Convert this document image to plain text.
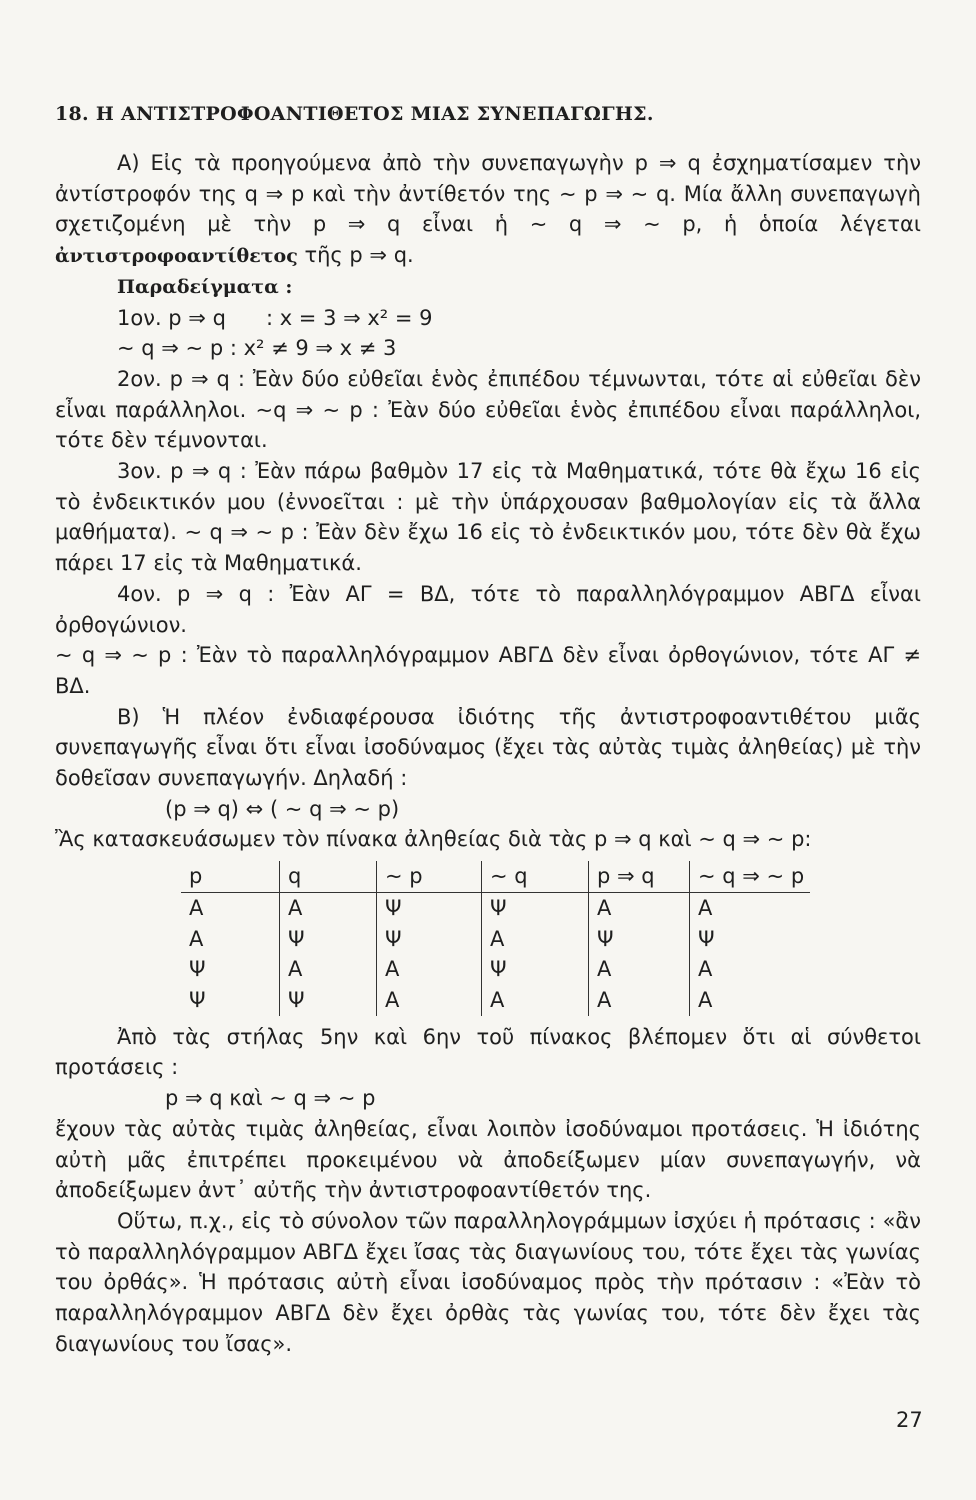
18. Η ΑΝΤΙΣΤΡΟΦΟΑΝΤΙΘΕΤΟΣ ΜΙΑΣ ΣΥΝΕΠΑΓΩΓΗΣ.

Α) Εἰς τὰ προηγούμενα ἀπὸ τὴν συνεπαγωγὴν p ⇒ q ἐσχηματίσαμεν τὴν ἀντίστροφόν της q ⇒ p καὶ τὴν ἀντίθετόν της ∼ p ⇒ ∼ q. Μία ἄλλη συνεπαγωγὴ σχετιζομένη μὲ τὴν p ⇒ q εἶναι ἡ ∼ q ⇒ ∼ p, ἡ ὁποία λέγεται ἀντιστροφοαντίθετος τῆς p ⇒ q.

Παραδείγματα :

1ον. p ⇒ q      : x = 3 ⇒ x² = 9

∼ q ⇒ ∼ p : x² ≠ 9 ⇒ x ≠ 3

2ον. p ⇒ q : Ἐὰν δύο εὐθεῖαι ἑνὸς ἐπιπέδου τέμνωνται, τότε αἱ εὐθεῖαι δὲν εἶναι παράλληλοι. ∼q ⇒ ∼ p : Ἐὰν δύο εὐθεῖαι ἑνὸς ἐπιπέδου εἶναι παράλληλοι, τότε δὲν τέμνονται.

3ον. p ⇒ q : Ἐὰν πάρω βαθμὸν 17 εἰς τὰ Μαθηματικά, τότε θὰ ἔχω 16 εἰς τὸ ἐνδεικτικόν μου (ἐννοεῖται : μὲ τὴν ὑπάρχουσαν βαθμολογίαν εἰς τὰ ἄλλα μαθήματα). ∼ q ⇒ ∼ p : Ἐὰν δὲν ἔχω 16 εἰς τὸ ἐνδεικτικόν μου, τότε δὲν θὰ ἔχω πάρει 17 εἰς τὰ Μαθηματικά.

4ον. p ⇒ q : Ἐὰν ΑΓ = ΒΔ, τότε τὸ παραλληλόγραμμον ΑΒΓΔ εἶναι ὀρθογώνιον.

∼ q ⇒ ∼ p : Ἐὰν τὸ παραλληλόγραμμον ΑΒΓΔ δὲν εἶναι ὀρθογώνιον, τότε ΑΓ ≠ ΒΔ.

Β) Ἡ πλέον ἐνδιαφέρουσα ἰδιότης τῆς ἀντιστροφοαντιθέτου μιᾶς συνεπαγωγῆς εἶναι ὅτι εἶναι ἰσοδύναμος (ἔχει τὰς αὐτὰς τιμὰς ἀληθείας) μὲ τὴν δοθεῖσαν συνεπαγωγήν. Δηλαδή :

(p ⇒ q) ⇔ ( ∼ q ⇒ ∼ p)

Ἂς κατασκευάσωμεν τὸν πίνακα ἀληθείας διὰ τὰς p ⇒ q καὶ ∼ q ⇒ ∼ p:

p	q	∼ p	∼ q	p ⇒ q	∼ q ⇒ ∼ p
Α	Α	Ψ	Ψ	Α	Α
Α	Ψ	Ψ	Α	Ψ	Ψ
Ψ	Α	Α	Ψ	Α	Α
Ψ	Ψ	Α	Α	Α	Α

Ἀπὸ τὰς στήλας 5ην καὶ 6ην τοῦ πίνακος βλέπομεν ὅτι αἱ σύνθετοι προτάσεις :

p ⇒ q καὶ ∼ q ⇒ ∼ p

ἔχουν τὰς αὐτὰς τιμὰς ἀληθείας, εἶναι λοιπὸν ἰσοδύναμοι προτάσεις. Ἡ ἰδιότης αὐτὴ μᾶς ἐπιτρέπει προκειμένου νὰ ἀποδείξωμεν μίαν συνεπαγωγήν, νὰ ἀποδείξωμεν ἀντ᾿ αὐτῆς τὴν ἀντιστροφοαντίθετόν της.

Οὕτω, π.χ., εἰς τὸ σύνολον τῶν παραλληλογράμμων ἰσχύει ἡ πρότασις : «ἂν τὸ παραλληλόγραμμον ΑΒΓΔ ἔχει ἴσας τὰς διαγωνίους του, τότε ἔχει τὰς γωνίας του ὀρθάς». Ἡ πρότασις αὐτὴ εἶναι ἰσοδύναμος πρὸς τὴν πρότασιν : «Ἐὰν τὸ παραλληλόγραμμον ΑΒΓΔ δὲν ἔχει ὀρθὰς τὰς γωνίας του, τότε δὲν ἔχει τὰς διαγωνίους του ἴσας».

27
